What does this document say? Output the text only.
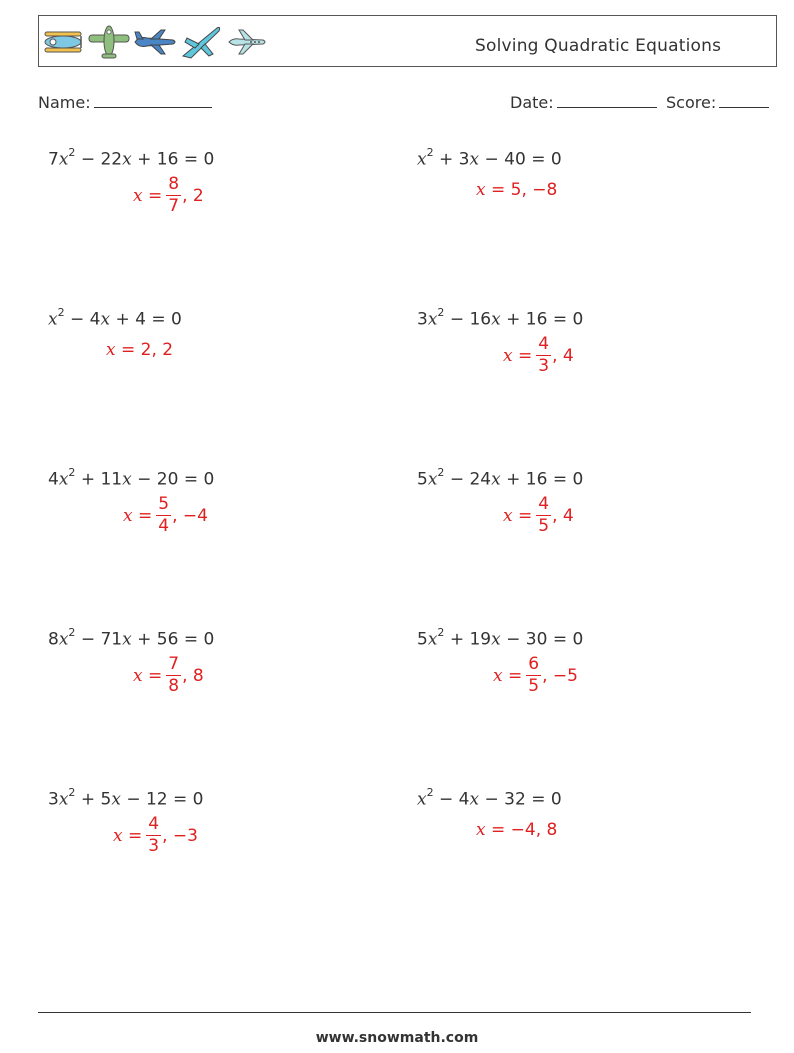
Solving Quadratic Equations
Name:	Date:	Score:
$7x^2 - 22x + 16 = 0$
$x = \frac{8}{7}$ , 2
$x^2 + 3x - 40 = 0$
x =
5, −8
$x^2 - 4x + 4 = 0$
x =
2, 2
$3x^2 - 16x + 16 = 0$
$x = \frac{4}{3}$ , 4
$4x^2 + 11x - 20 = 0$
$x = \frac{5}{4}$ , −4
$5x^2 - 24x + 16 = 0$
$x = \frac{4}{5}$ , 4
$8x^2 - 71x + 56 = 0$
$x = \frac{7}{8}$ , 8
$5x^2 + 19x - 30 = 0$
$x = \frac{6}{5}$ , −5
$3x^2 + 5x - 12 = 0$
$x = \frac{4}{3}$ , −3
$x^2 - 4x - 32 = 0$
x =
−4, 8
www.snowmath.com
